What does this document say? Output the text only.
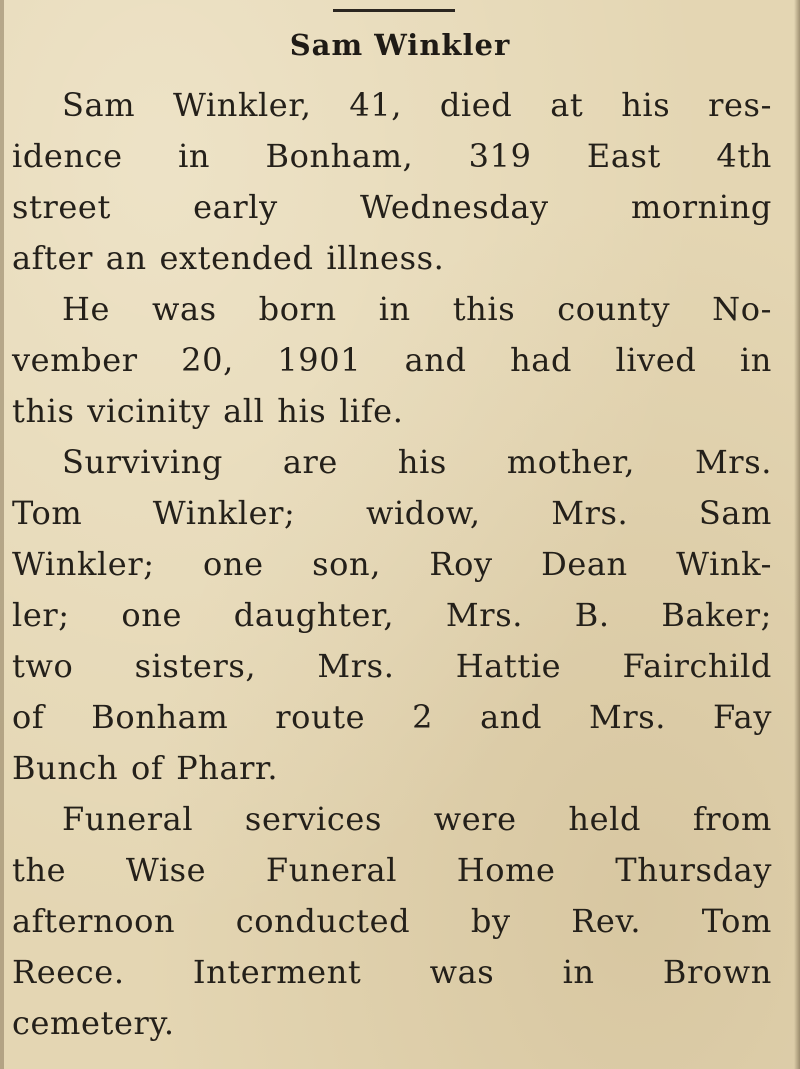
Sam Winkler
Sam Winkler, 41, died at his res-
idence in Bonham, 319 East 4th
street early Wednesday morning
after an extended illness.
He was born in this county No-
vember 20, 1901 and had lived in
this vicinity all his life.
Surviving are his mother, Mrs.
Tom Winkler; widow, Mrs. Sam
Winkler; one son, Roy Dean Wink-
ler; one daughter, Mrs. B. Baker;
two sisters, Mrs. Hattie Fairchild
of Bonham route 2 and Mrs. Fay
Bunch of Pharr.
Funeral services were held from
the Wise Funeral Home Thursday
afternoon conducted by Rev. Tom
Reece. Interment was in Brown
cemetery.
